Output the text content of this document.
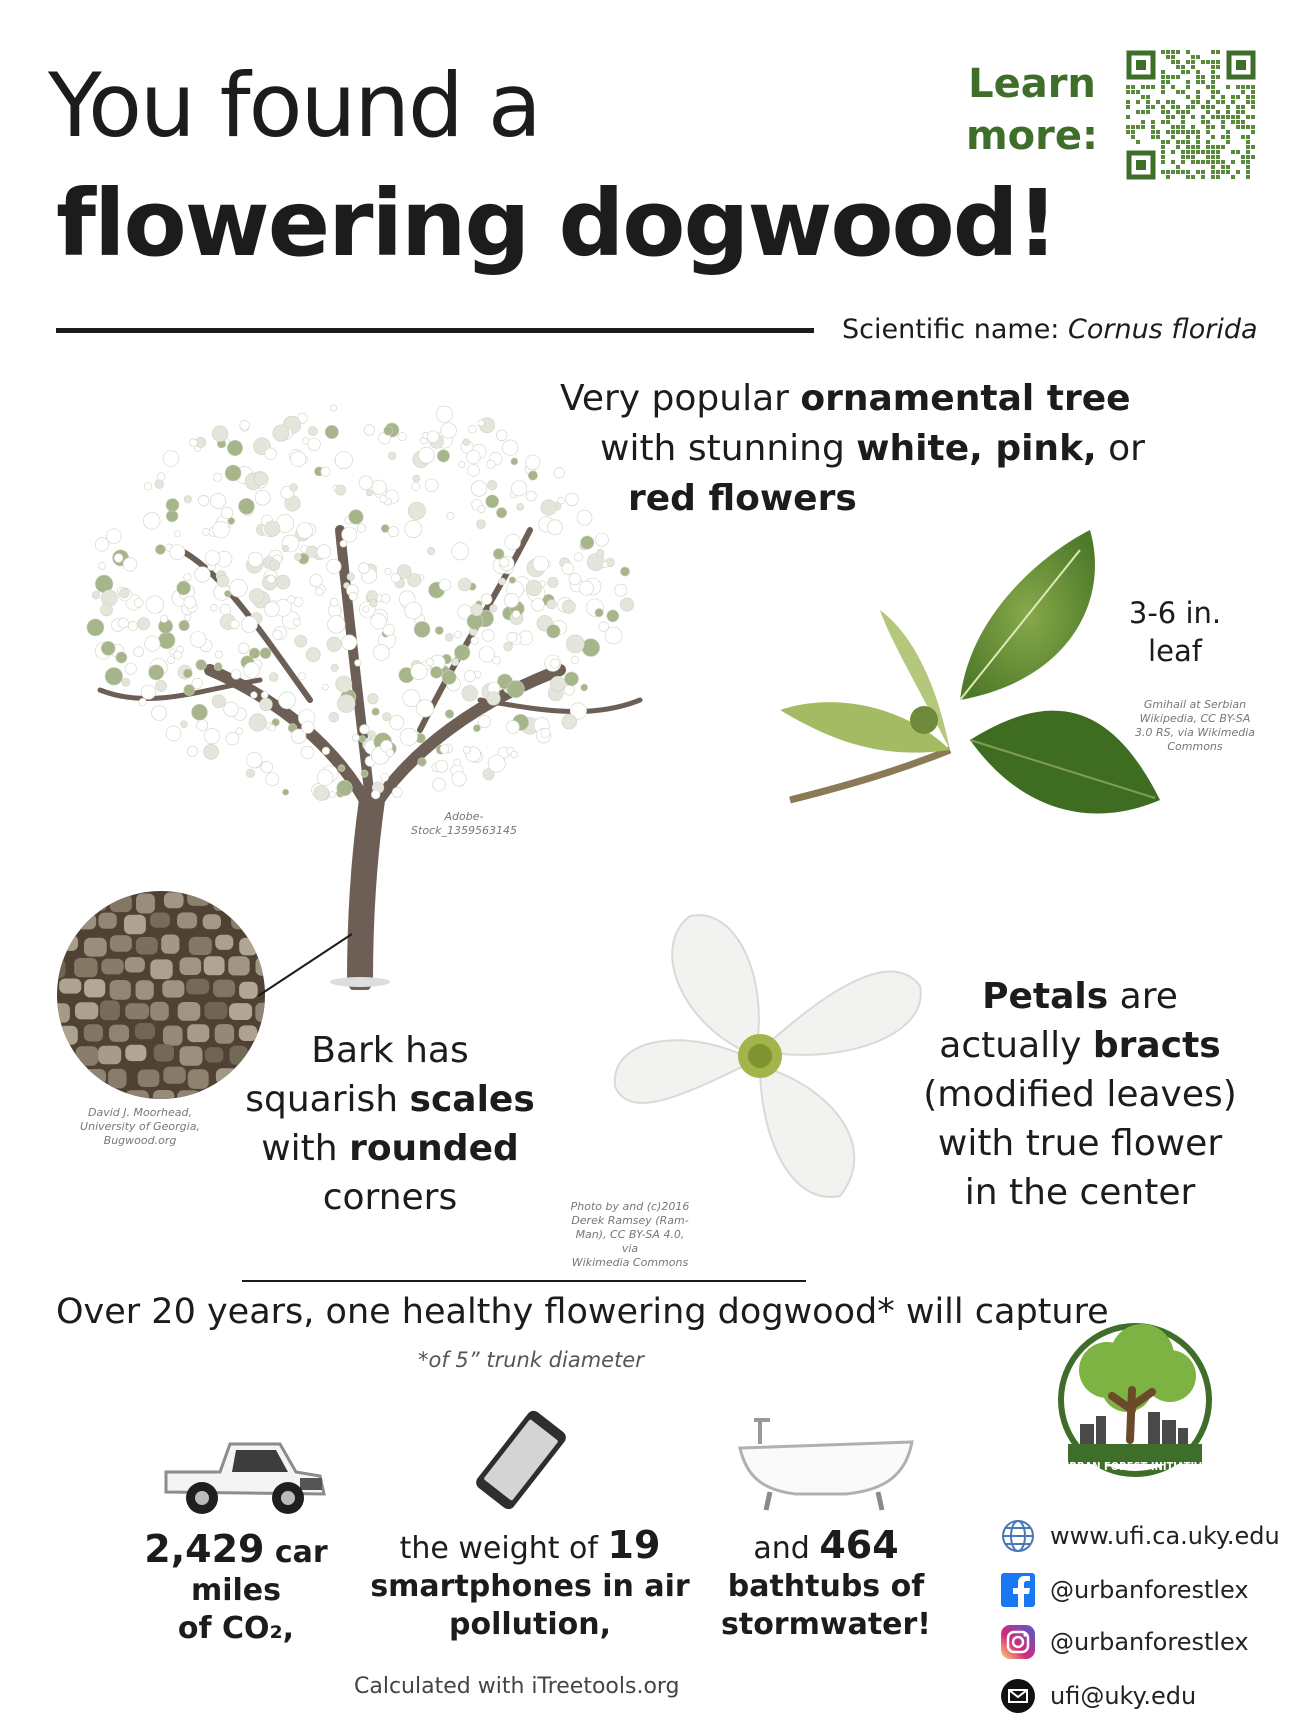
You found a
flowering dogwood!
Learn
more:
Scientific name: Cornus florida
Very popular ornamental tree
with stunning white, pink, or
red flowers
Adobe-
Stock_1359563145
3-6 in.
leaf
Gmihail at Serbian
Wikipedia, CC BY-SA
3.0 RS, via Wikimedia
Commons
David J. Moorhead,
University of Georgia,
Bugwood.org
Bark has
squarish scales
with rounded
corners	Photo by and (c)2016
Derek Ramsey (Ram-
Man), CC BY-SA 4.0, via
Wikimedia Commons
Petals are
actually bracts
(modified leaves)
with true flower
in the center
Over 20 years, one healthy flowering dogwood* will capture
*of 5” trunk diameter
2,429 car miles
of CO₂,
the weight of 19
smartphones in air
pollution,
and 464
bathtubs of
stormwater!
Calculated with iTreetools.org
URBAN FOREST INITIATIVE
www.ufi.ca.uky.edu
@urbanforestlex
@urbanforestlex
ufi@uky.edu
